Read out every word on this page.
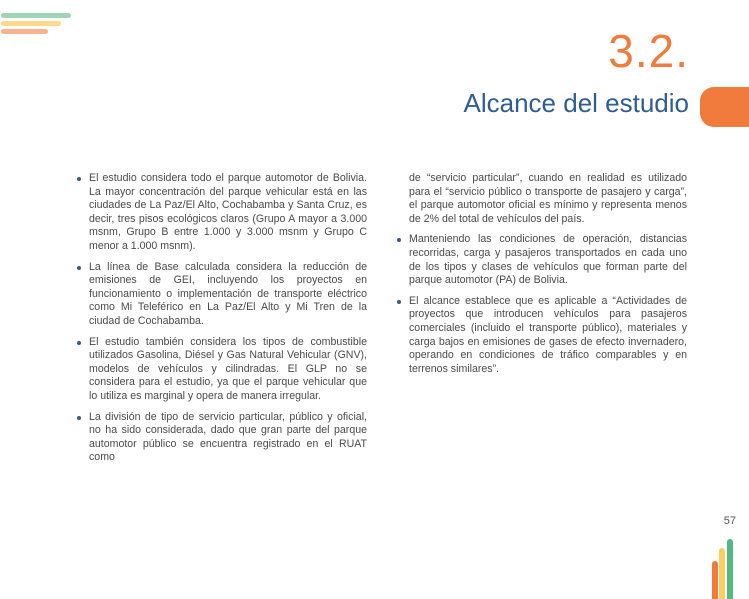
3.2.
Alcance del estudio
El estudio considera todo el parque automotor de Bolivia. La mayor concentración del parque vehicular está en las ciudades de La Paz/El Alto, Cochabamba y Santa Cruz, es decir, tres pisos ecológicos claros (Grupo A mayor a 3.000 msnm, Grupo B entre 1.000 y 3.000 msnm y Grupo C menor a 1.000 msnm).
La línea de Base calculada considera la reducción de emisiones de GEI, incluyendo los proyectos en funcionamiento o implementación de transporte eléctrico como Mi Teleférico en La Paz/El Alto y Mi Tren de la ciudad de Cochabamba.
El estudio también considera los tipos de combustible utilizados Gasolina, Diésel y Gas Natural Vehicular (GNV), modelos de vehículos y cilindradas. El GLP no se considera para el estudio, ya que el parque vehicular que lo utiliza es marginal y opera de manera irregular.
La división de tipo de servicio particular, público y oficial, no ha sido considerada, dado que gran parte del parque automotor público se encuentra registrado en el RUAT como
de “servicio particular”, cuando en realidad es utilizado para el “servicio público o transporte de pasajero y carga”, el parque automotor oficial es mínimo y representa menos de 2% del total de vehículos del país.
Manteniendo las condiciones de operación, distancias recorridas, carga y pasajeros transportados en cada uno de los tipos y clases de vehículos que forman parte del parque automotor (PA) de Bolivia.
El alcance establece que es aplicable a “Actividades de proyectos que introducen vehículos para pasajeros comerciales (incluido el transporte público), materiales y carga bajos en emisiones de gases de efecto invernadero, operando en condiciones de tráfico comparables y en terrenos similares”.
57
